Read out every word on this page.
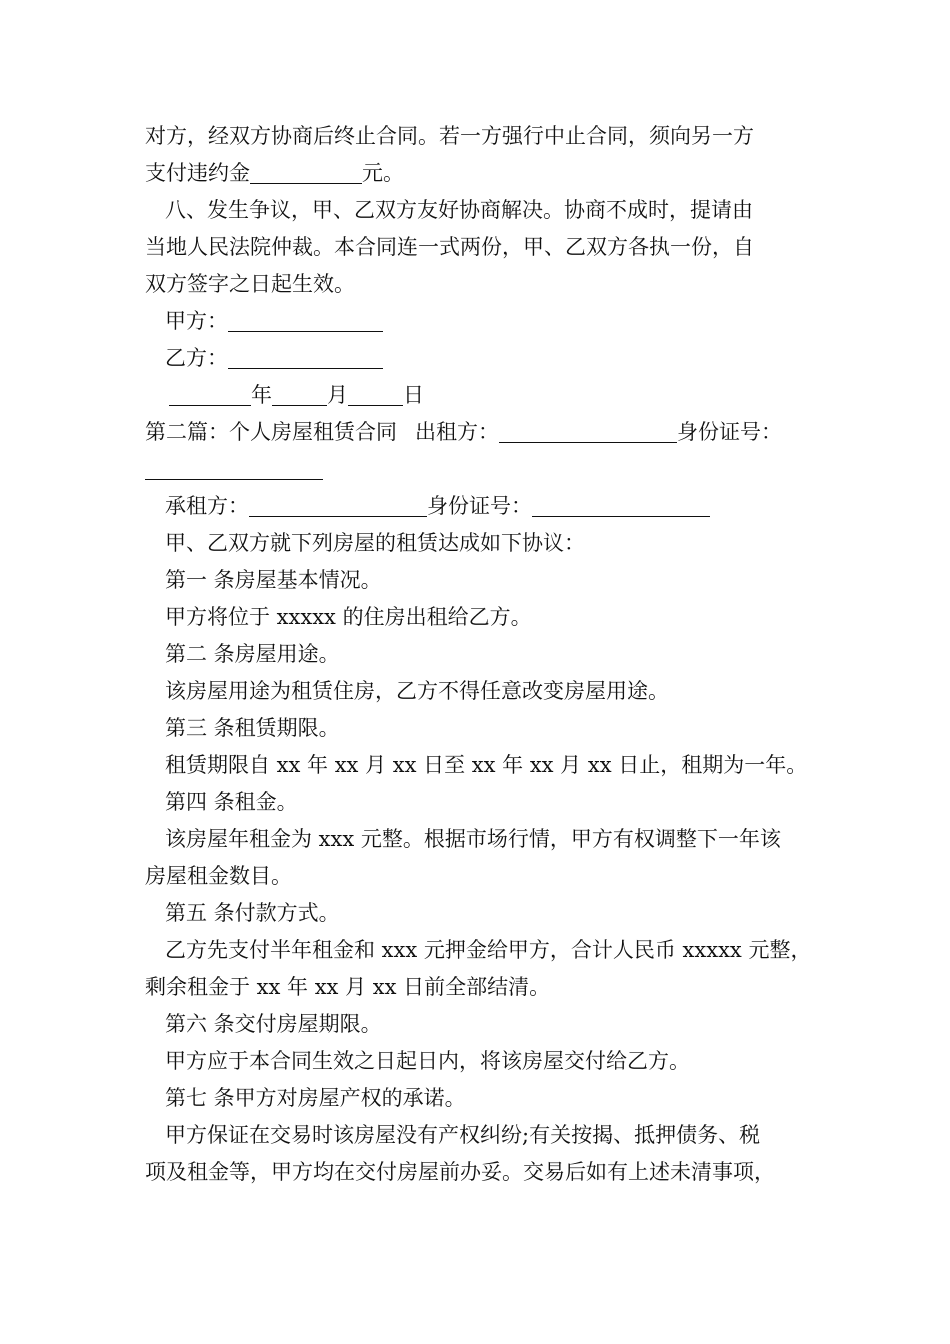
对方，经双方协商后终止合同。若一方强行中止合同，须向另一方
支付违约金	元。
八、发生争议，甲、乙双方友好协商解决。协商不成时，提请由
当地人民法院仲裁。本合同连一式两份，甲、乙双方各执一份，自
双方签字之日起生效。
甲方：
乙方：
年	月	日
第二篇：个人房屋租赁合同 出租方：	身份证号：
承租方：	身份证号：
甲、乙双方就下列房屋的租赁达成如下协议：
第一 条房屋基本情况。
甲方将位于 xxxxx 的住房出租给乙方。
第二 条房屋用途。
该房屋用途为租赁住房，乙方不得任意改变房屋用途。
第三 条租赁期限。
租赁期限自 xx 年 xx 月 xx 日至 xx 年 xx 月 xx 日止，租期为一年。
第四 条租金。
该房屋年租金为 xxx 元整。根据市场行情，甲方有权调整下一年该
房屋租金数目。
第五 条付款方式。
乙方先支付半年租金和 xxx 元押金给甲方，合计人民币 xxxxx 元整，
剩余租金于 xx 年 xx 月 xx 日前全部结清。
第六 条交付房屋期限。
甲方应于本合同生效之日起日内，将该房屋交付给乙方。
第七 条甲方对房屋产权的承诺。
甲方保证在交易时该房屋没有产权纠纷;有关按揭、抵押债务、税
项及租金等，甲方均在交付房屋前办妥。交易后如有上述未清事项，
